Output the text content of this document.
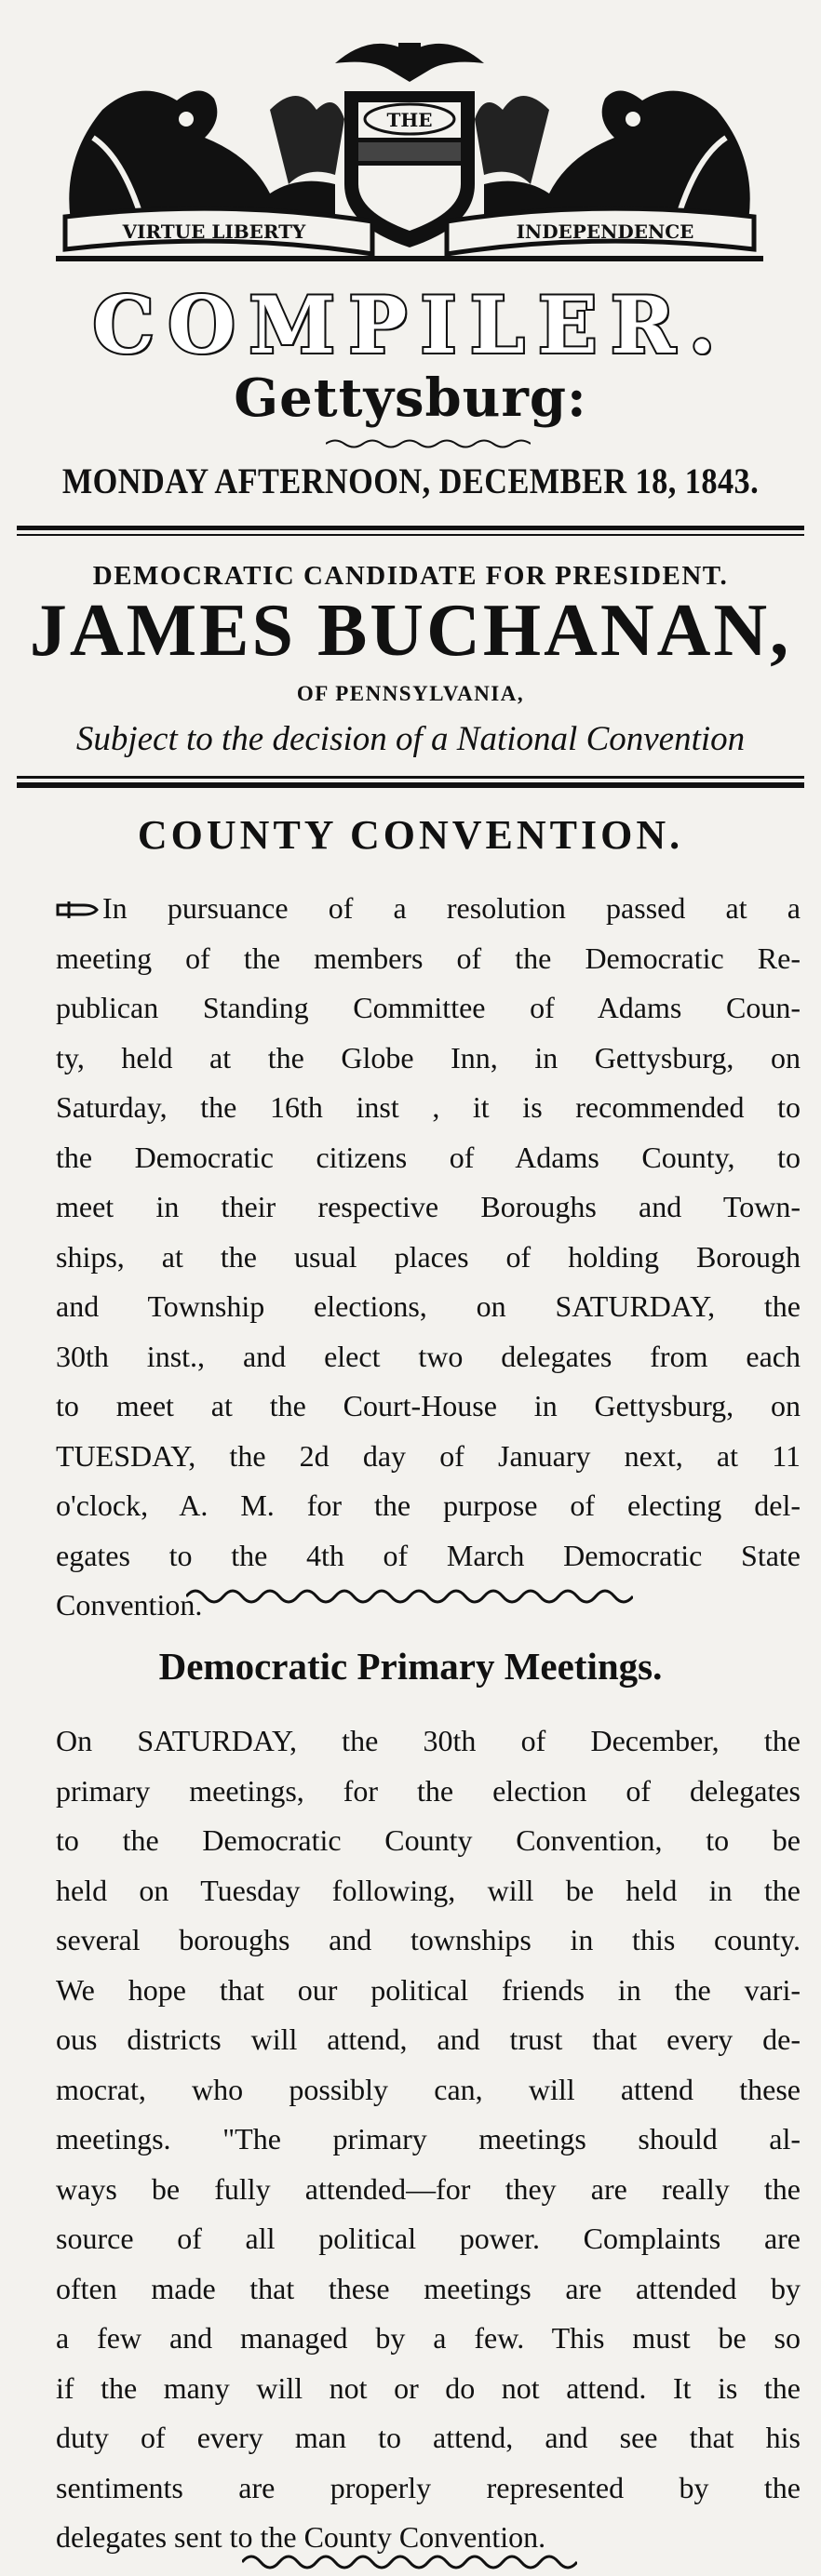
VIRTUE LIBERTY	INDEPENDENCE
THE
COMPILER.
Gettysburg:
MONDAY AFTERNOON, DECEMBER 18, 1843.
DEMOCRATIC CANDIDATE FOR PRESIDENT.
JAMES BUCHANAN,
OF PENNSYLVANIA,
Subject to the decision of a National Convention
COUNTY CONVENTION.
In pursuance of a resolution passed at a
meeting of the members of the Democratic Re-
publican Standing Committee of Adams Coun-
ty, held at the Globe Inn, in Gettysburg, on
Saturday, the 16th inst , it is recommended to
the Democratic citizens of Adams County, to
meet in their respective Boroughs and Town-
ships, at the usual places of holding Borough
and Township elections, on SATURDAY, the
30th inst., and elect two delegates from each
to meet at the Court-House in Gettysburg, on
TUESDAY, the 2d day of January next, at 11
o'clock, A. M. for the purpose of electing del-
egates to the 4th of March Democratic State
Convention.
Democratic Primary Meetings.
On SATURDAY, the 30th of December, the
primary meetings, for the election of delegates
to the Democratic County Convention, to be
held on Tuesday following, will be held in the
several boroughs and townships in this county.
We hope that our political friends in the vari-
ous districts will attend, and trust that every de-
mocrat, who possibly can, will attend these
meetings. "The primary meetings should al-
ways be fully attended—for they are really the
source of all political power. Complaints are
often made that these meetings are attended by
a few and managed by a few. This must be so
if the many will not or do not attend. It is the
duty of every man to attend, and see that his
sentiments are properly represented by the
delegates sent to the County Convention.
